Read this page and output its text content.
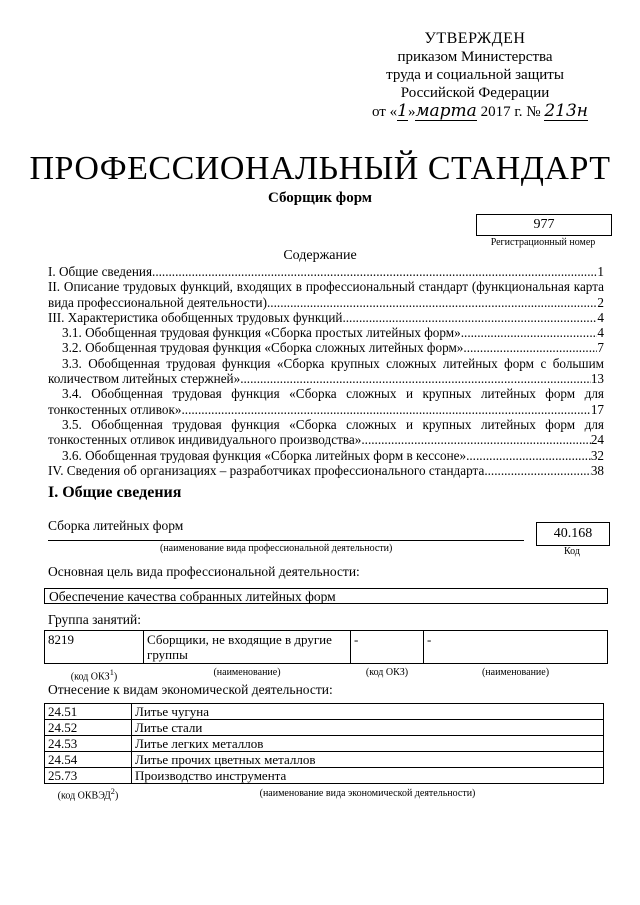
УТВЕРЖДЕН
приказом Министерства
труда и социальной защиты
Российской Федерации
от «1»марта 2017 г. № 213н
ПРОФЕССИОНАЛЬНЫЙ СТАНДАРТ
Сборщик форм
977
Регистрационный номер
Содержание
I. Общие сведения .....	1
II. Описание трудовых функций, входящих в профессиональный стандарт (функциональная карта
вида профессиональной деятельности) .....	2
III. Характеристика обобщенных трудовых функций .....	4
3.1. Обобщенная трудовая функция «Сборка простых литейных форм» .....	4
3.2. Обобщенная трудовая функция «Сборка сложных литейных форм» .....	7
3.3. Обобщенная трудовая функция «Сборка крупных сложных литейных форм с большим
количеством литейных стержней» .....	13
3.4. Обобщенная трудовая функция «Сборка сложных и крупных литейных форм для
тонкостенных отливок» .....	17
3.5. Обобщенная трудовая функция «Сборка сложных и крупных литейных форм для
тонкостенных отливок индивидуального производства» .....	24
3.6. Обобщенная трудовая функция «Сборка литейных форм в кессоне» .....	32
IV. Сведения об организациях – разработчиках профессионального стандарта .....	38
I. Общие сведения
Сборка литейных форм
(наименование вида профессиональной деятельности)
40.168
Код
Основная цель вида профессиональной деятельности:
Обеспечение качества собранных литейных форм
Группа занятий:
8219	Сборщики, не входящие в другие группы	-	-
(код ОКЗ$^1$)	(наименование)	(код ОКЗ)	(наименование)
Отнесение к видам экономической деятельности:
24.51	Литье чугуна
24.52	Литье стали
24.53	Литье легких металлов
24.54	Литье прочих цветных металлов
25.73	Производство инструмента
(код ОКВЭД$^2$)	(наименование вида экономической деятельности)
